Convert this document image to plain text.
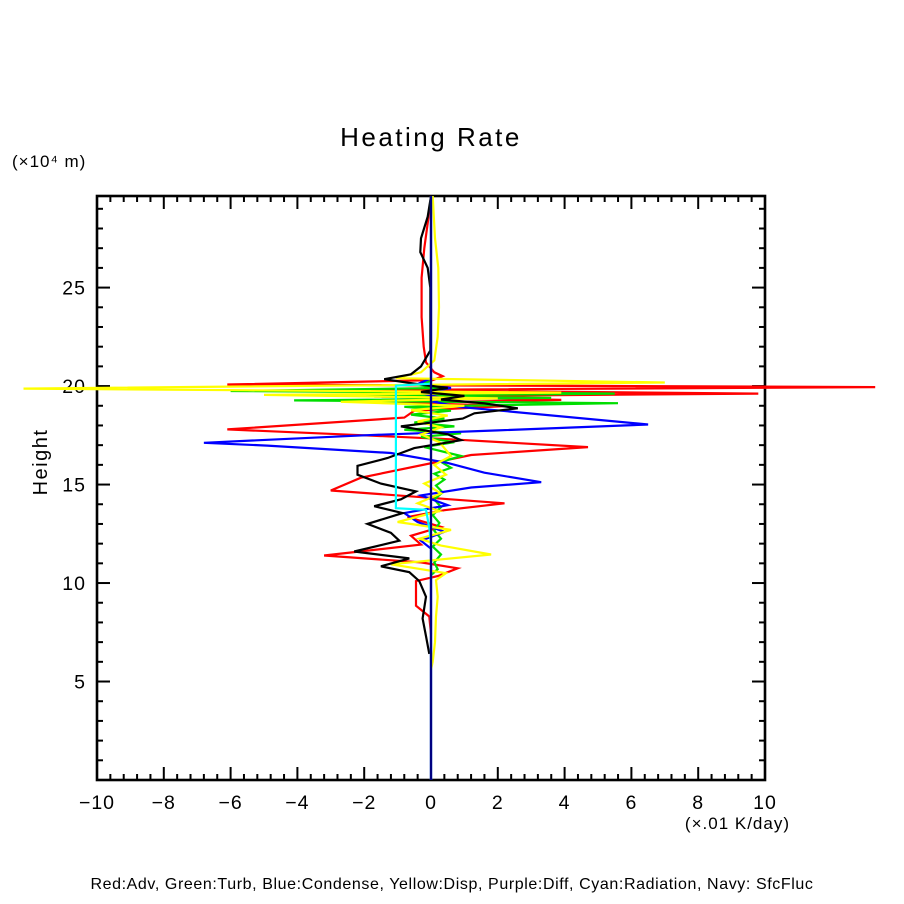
−10 −8 −6 −4 −2	0	2	4	6	8	10
5
10
15
20
25
Heating Rate
(×10⁴ m)
Height
(×.01 K/day)
Red:Adv, Green:Turb, Blue:Condense, Yellow:Disp, Purple:Diff, Cyan:Radiation, Navy: SfcFluc
